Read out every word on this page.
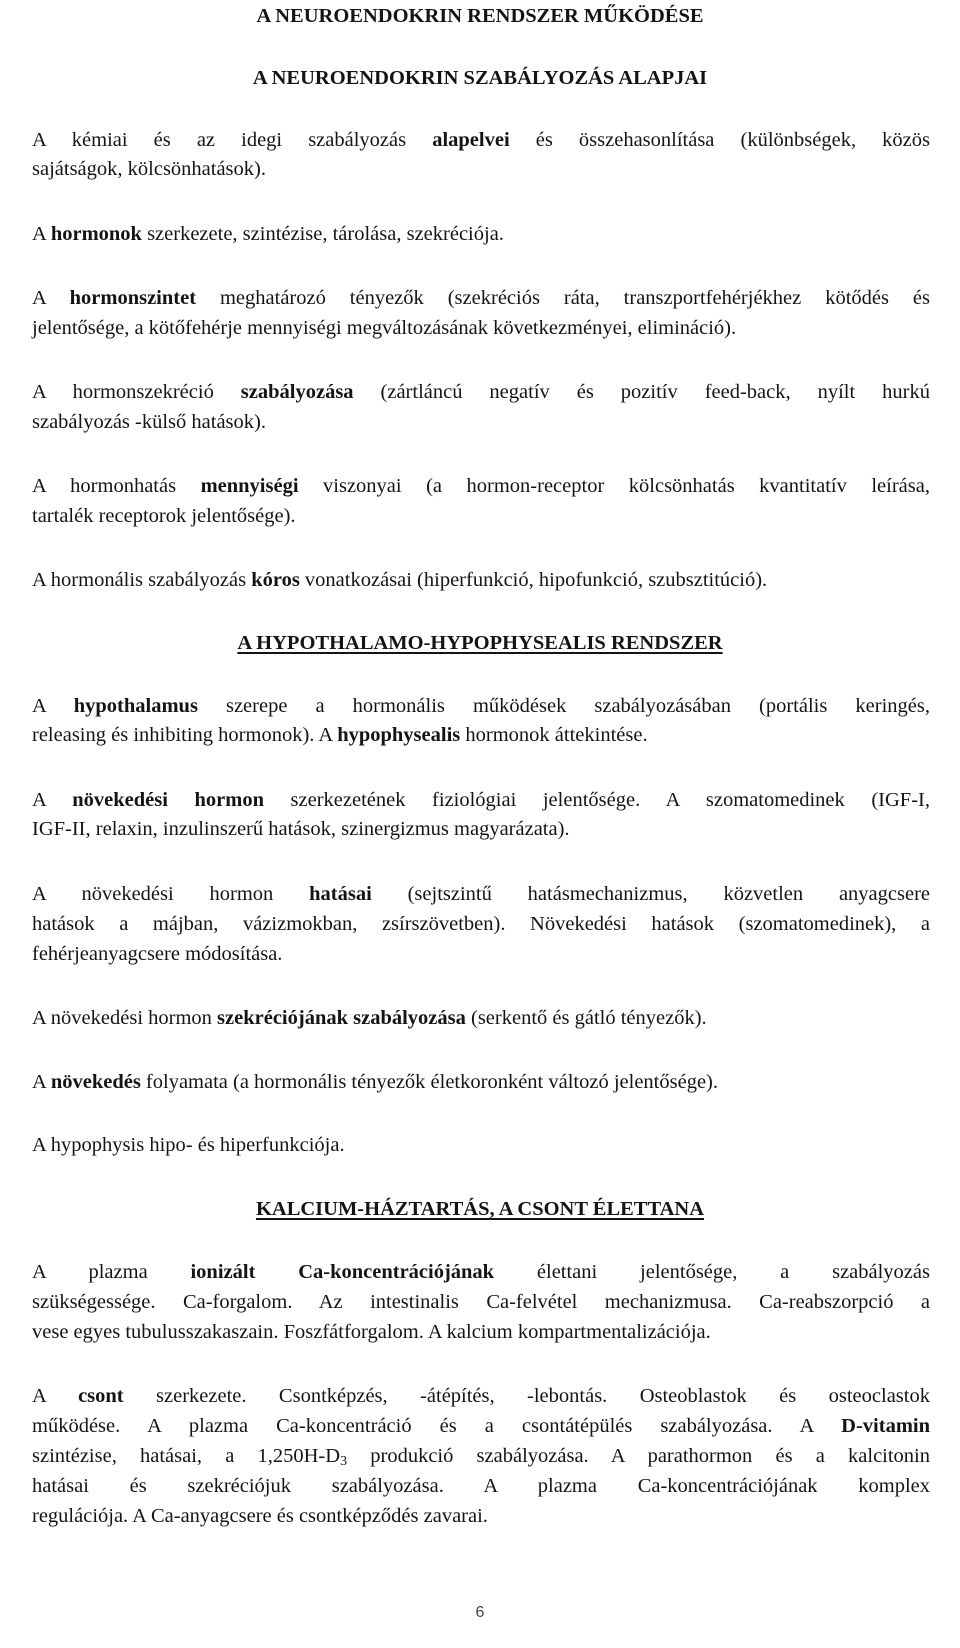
A NEUROENDOKRIN RENDSZER MŰKÖDÉSE
A NEUROENDOKRIN SZABÁLYOZÁS ALAPJAI
A kémiai és az idegi szabályozás alapelvei és összehasonlítása (különbségek, közös
sajátságok, kölcsönhatások).
A hormonok szerkezete, szintézise, tárolása, szekréciója.
A hormonszintet meghatározó tényezők (szekréciós ráta, transzportfehérjékhez kötődés és
jelentősége, a kötőfehérje mennyiségi megváltozásának következményei, elimináció).
A hormonszekréció szabályozása (zártláncú negatív és pozitív feed-back, nyílt hurkú
szabályozás -külső hatások).
A hormonhatás mennyiségi viszonyai (a hormon-receptor kölcsönhatás kvantitatív leírása,
tartalék receptorok jelentősége).
A hormonális szabályozás kóros vonatkozásai (hiperfunkció, hipofunkció, szubsztitúció).
A HYPOTHALAMO-HYPOPHYSEALIS RENDSZER
A hypothalamus szerepe a hormonális működések szabályozásában (portális keringés,
releasing és inhibiting hormonok). A hypophysealis hormonok áttekintése.
A növekedési hormon szerkezetének fiziológiai jelentősége. A szomatomedinek (IGF-I,
IGF-II, relaxin, inzulinszerű hatások, szinergizmus magyarázata).
A növekedési hormon hatásai (sejtszintű hatásmechanizmus, közvetlen anyagcsere
hatások a májban, vázizmokban, zsírszövetben). Növekedési hatások (szomatomedinek), a
fehérjeanyagcsere módosítása.
A növekedési hormon szekréciójának szabályozása (serkentő és gátló tényezők).
A növekedés folyamata (a hormonális tényezők életkoronként változó jelentősége).
A hypophysis hipo- és hiperfunkciója.
KALCIUM-HÁZTARTÁS, A CSONT ÉLETTANA
A plazma ionizált Ca-koncentrációjának élettani jelentősége, a szabályozás
szükségessége. Ca-forgalom. Az intestinalis Ca-felvétel mechanizmusa. Ca-reabszorpció a
vese egyes tubulusszakaszain. Foszfátforgalom. A kalcium kompartmentalizációja.
A csont szerkezete. Csontképzés, -átépítés, -lebontás. Osteoblastok és osteoclastok
működése. A plazma Ca-koncentráció és a csontátépülés szabályozása. A D-vitamin
szintézise, hatásai, a $1,250H-D_3$ produkció szabályozása. A parathormon és a kalcitonin
hatásai és szekréciójuk szabályozása. A plazma Ca-koncentrációjának komplex
regulációja. A Ca-anyagcsere és csontképződés zavarai.
6
